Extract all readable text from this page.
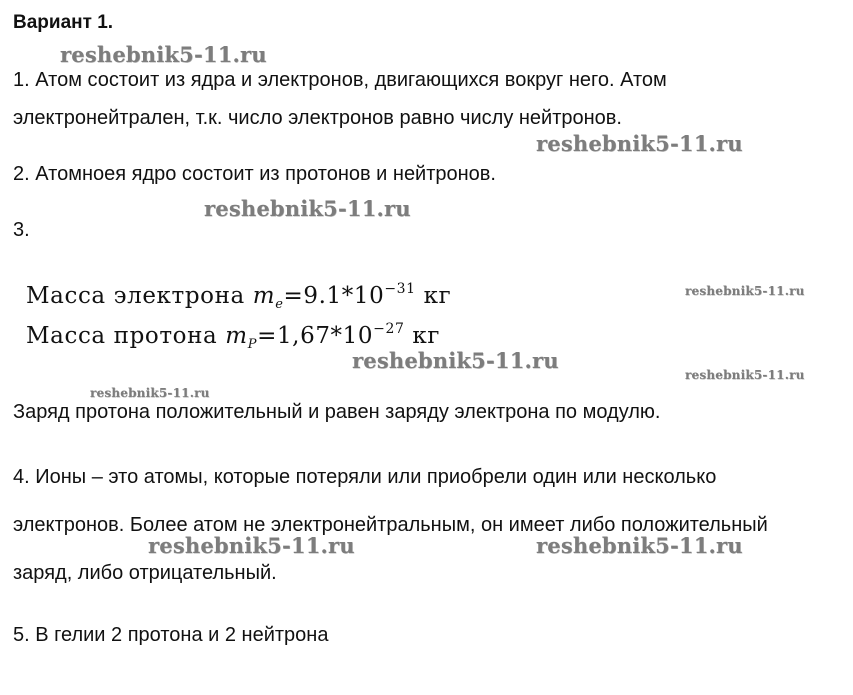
Вариант 1.
1. Атом состоит из ядра и электронов, двигающихся вокруг него. Атом
электронейтрален, т.к. число электронов равно числу нейтронов.
2. Атомноея ядро состоит из протонов и нейтронов.
3.
Масса электрона $m_e=9.1*10^{-31}$ кг
Масса протона $m_P=1,67*10^{-27}$ кг
Заряд протона положительный и равен заряду электрона по модулю.
4. Ионы – это атомы, которые потеряли или приобрели один или несколько
электронов. Более атом не электронейтральным, он имеет либо положительный
заряд, либо отрицательный.
5. В гелии 2 протона и 2 нейтрона
reshebnik5-11.ru
reshebnik5-11.ru
reshebnik5-11.ru
reshebnik5-11.ru
reshebnik5-11.ru
reshebnik5-11.ru
reshebnik5-11.ru
reshebnik5-11.ru	reshebnik5-11.ru
